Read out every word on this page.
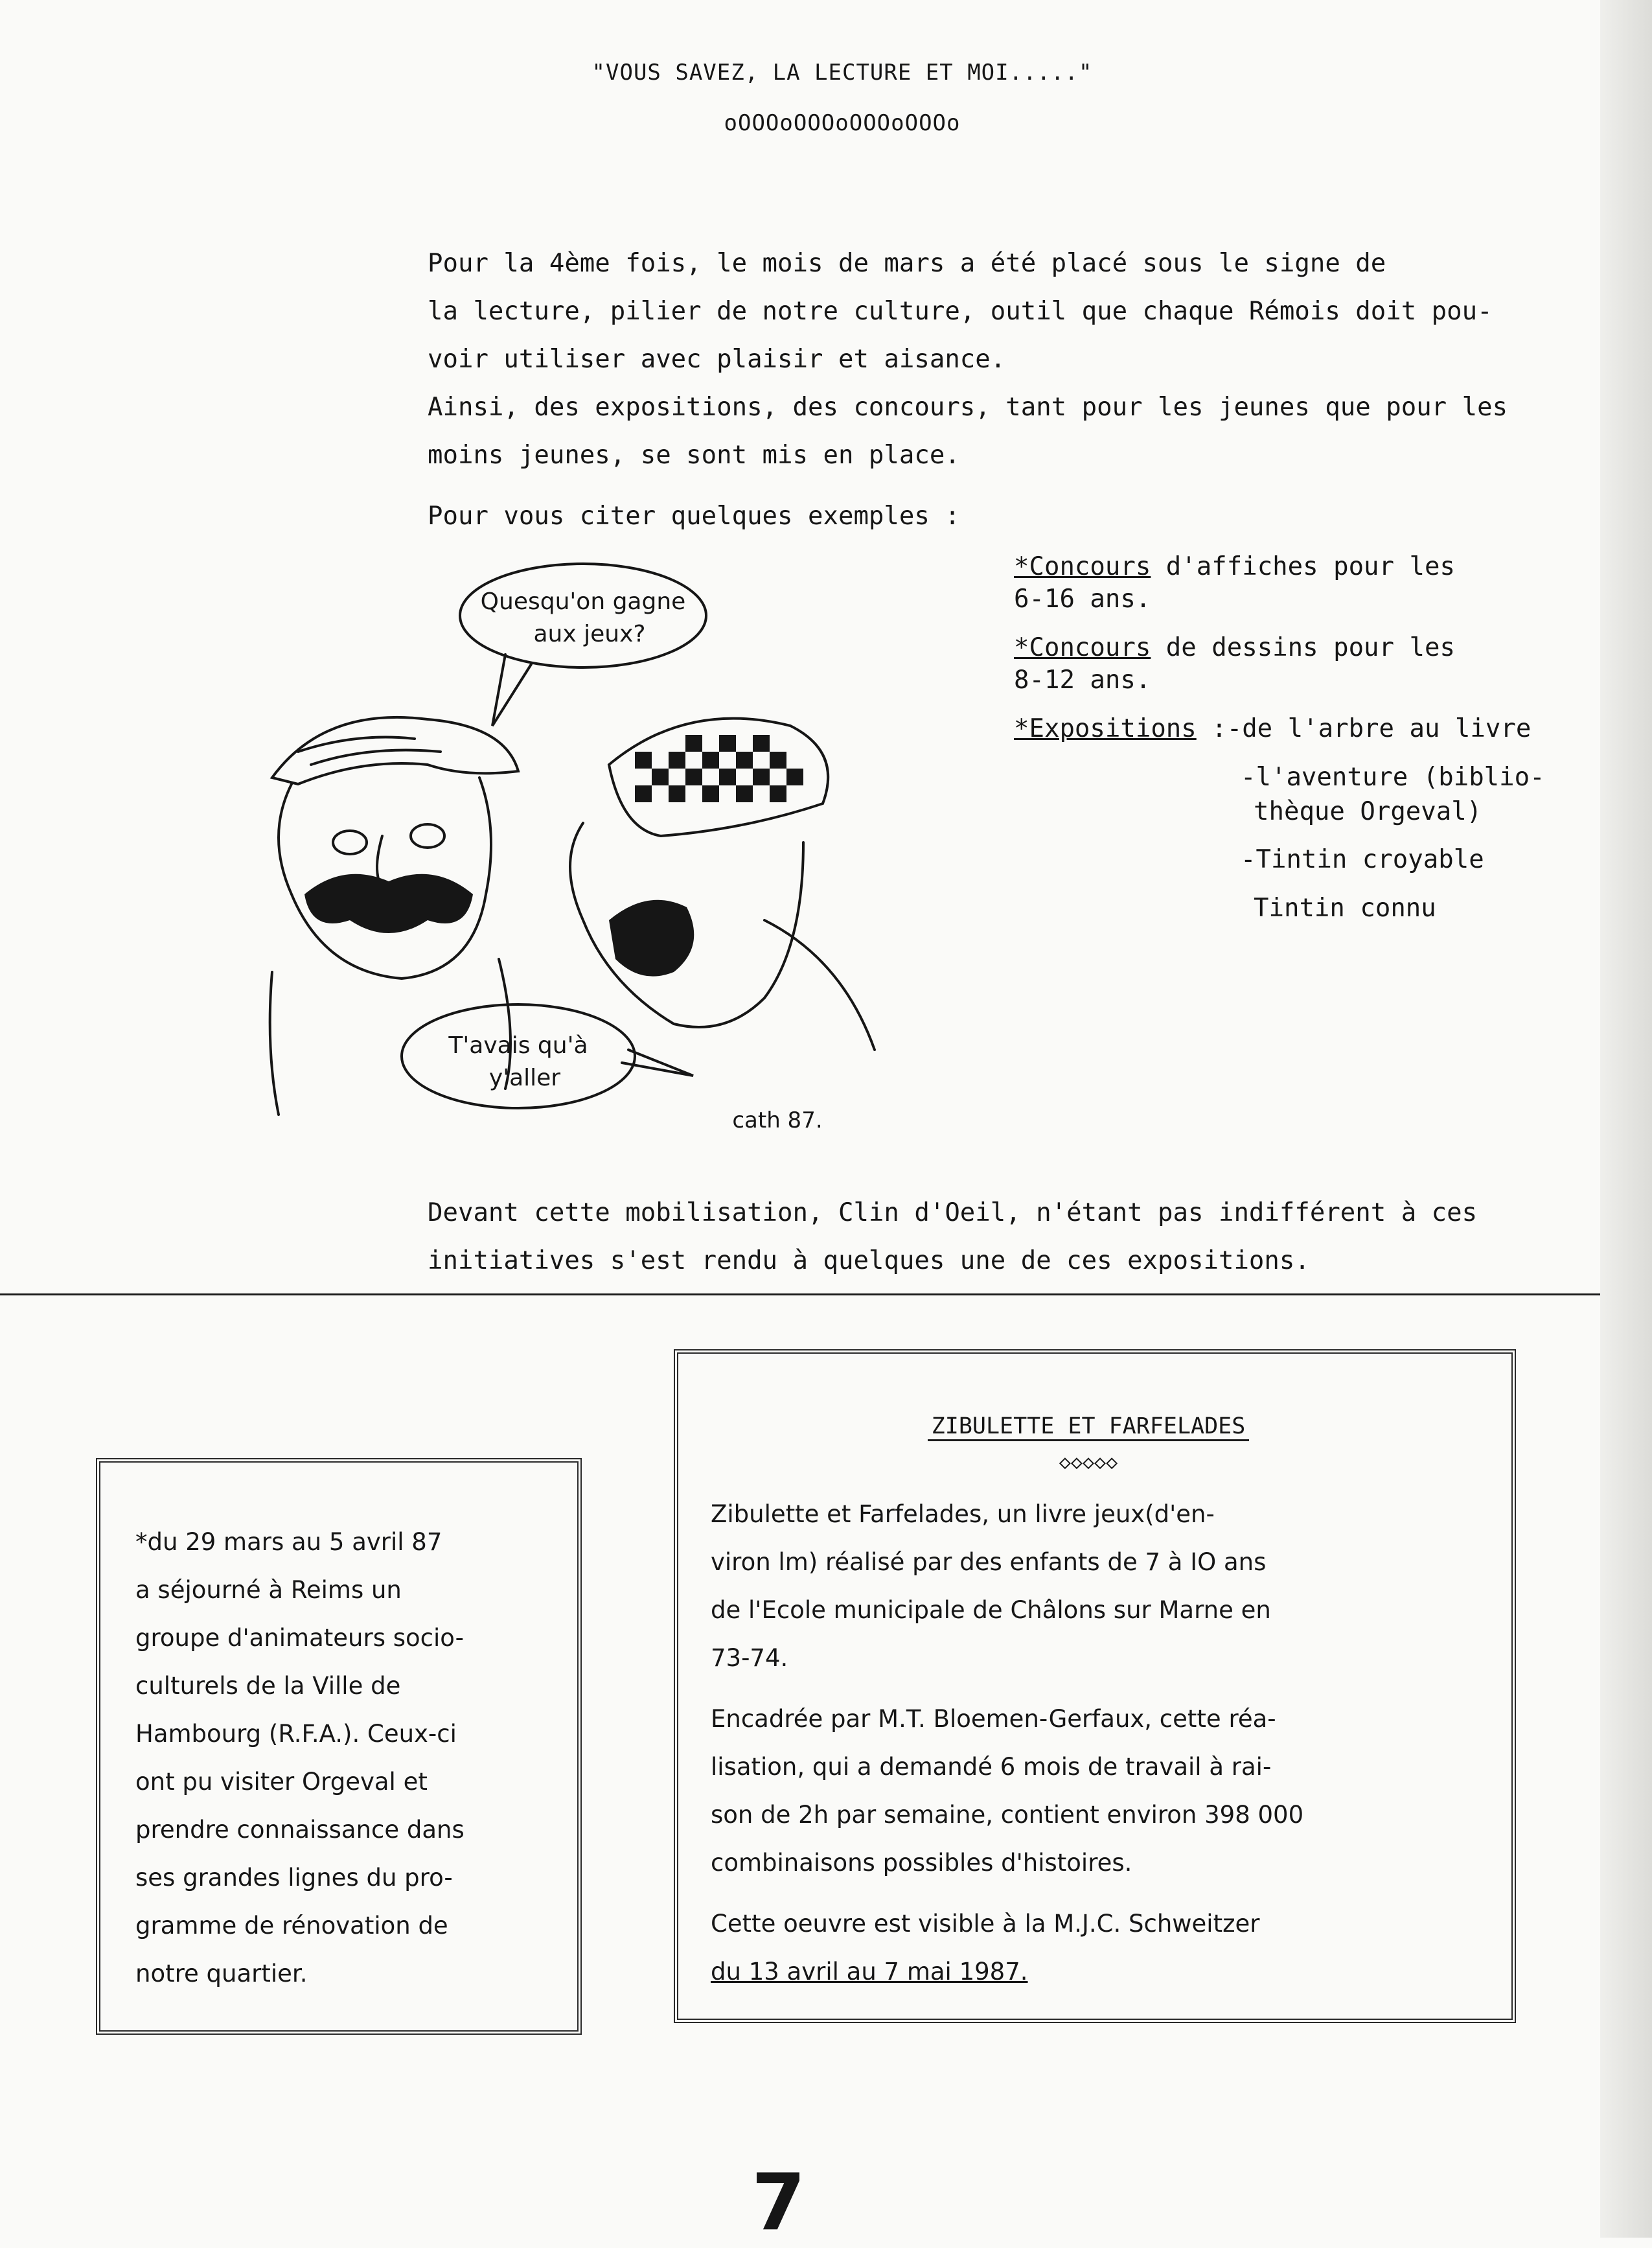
"VOUS SAVEZ, LA LECTURE ET MOI....."
oOOOoOOOoOOOoOOOo
Pour la 4ème fois, le mois de mars a été placé sous le signe de
la lecture, pilier de notre culture, outil que chaque Rémois doit pou-
voir utiliser avec plaisir et aisance.
Ainsi, des expositions, des concours, tant pour les jeunes que pour les
moins jeunes, se sont mis en place.
Pour vous citer quelques exemples :
*Concours d'affiches pour les
6-16 ans.
*Concours de dessins pour les
8-12 ans.
*Expositions :-de l'arbre au livre
-l'aventure (biblio-
thèque Orgeval)
-Tintin croyable
Tintin connu
Quesqu'on gagne
aux jeux?
T'avais qu'à
y'aller
cath 87.
Devant cette mobilisation, Clin d'Oeil, n'étant pas indifférent à ces
initiatives s'est rendu à quelques une de ces expositions.
*du 29 mars au 5 avril 87
a séjourné à Reims un
groupe d'animateurs socio-
culturels de la Ville de
Hambourg (R.F.A.). Ceux-ci
ont pu visiter Orgeval et
prendre connaissance dans
ses grandes lignes du pro-
gramme de rénovation de
notre quartier.
ZIBULETTE ET FARFELADES
◇◇◇◇◇
Zibulette et Farfelades, un livre jeux(d'en-
viron lm) réalisé par des enfants de 7 à IO ans
de l'Ecole municipale de Châlons sur Marne en
73-74.
Encadrée par M.T. Bloemen-Gerfaux, cette réa-
lisation, qui a demandé 6 mois de travail à rai-
son de 2h par semaine, contient environ 398 000
combinaisons possibles d'histoires.
Cette oeuvre est visible à la M.J.C. Schweitzer
du 13 avril au 7 mai 1987.
7
